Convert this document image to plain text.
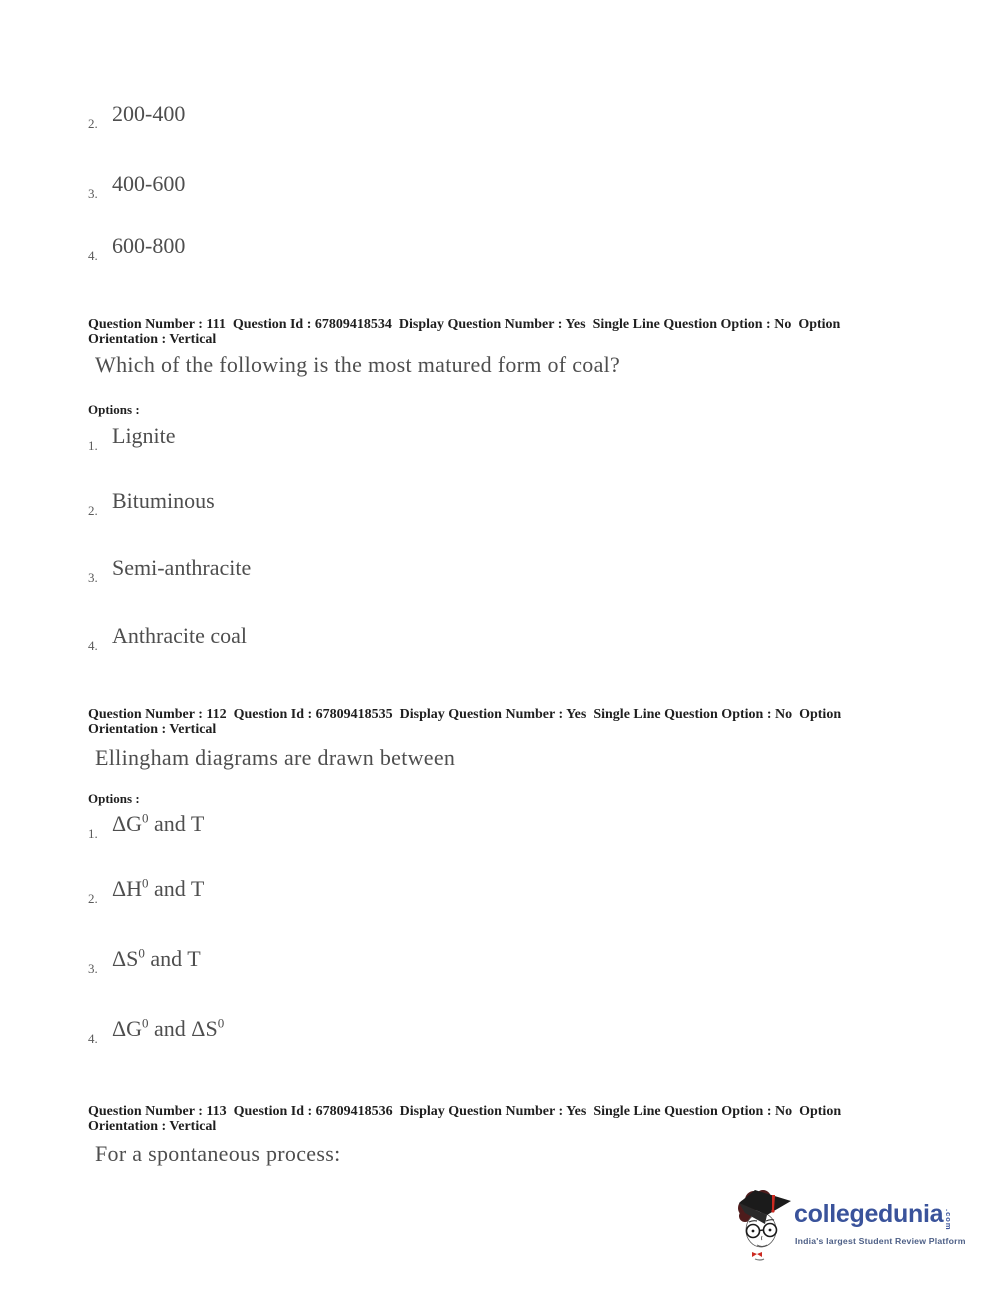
2. 200-400
3. 400-600
4. 600-800
Question Number : 111  Question Id : 67809418534  Display Question Number : Yes  Single Line Question Option : No  Option
Orientation : Vertical
Which of the following is the most matured form of coal?
Options :
1. Lignite
2. Bituminous
3. Semi-anthracite
4. Anthracite coal
Question Number : 112  Question Id : 67809418535  Display Question Number : Yes  Single Line Question Option : No  Option
Orientation : Vertical
Ellingham diagrams are drawn between
Options :
1. $\Delta G^0$ and T
2. $\Delta H^0$ and T
3. $\Delta S^0$ and T
4. $\Delta G^0$ and $\Delta S^0$
Question Number : 113  Question Id : 67809418536  Display Question Number : Yes  Single Line Question Option : No  Option
Orientation : Vertical
For a spontaneous process:
collegedunia .com
India's largest Student Review Platform
